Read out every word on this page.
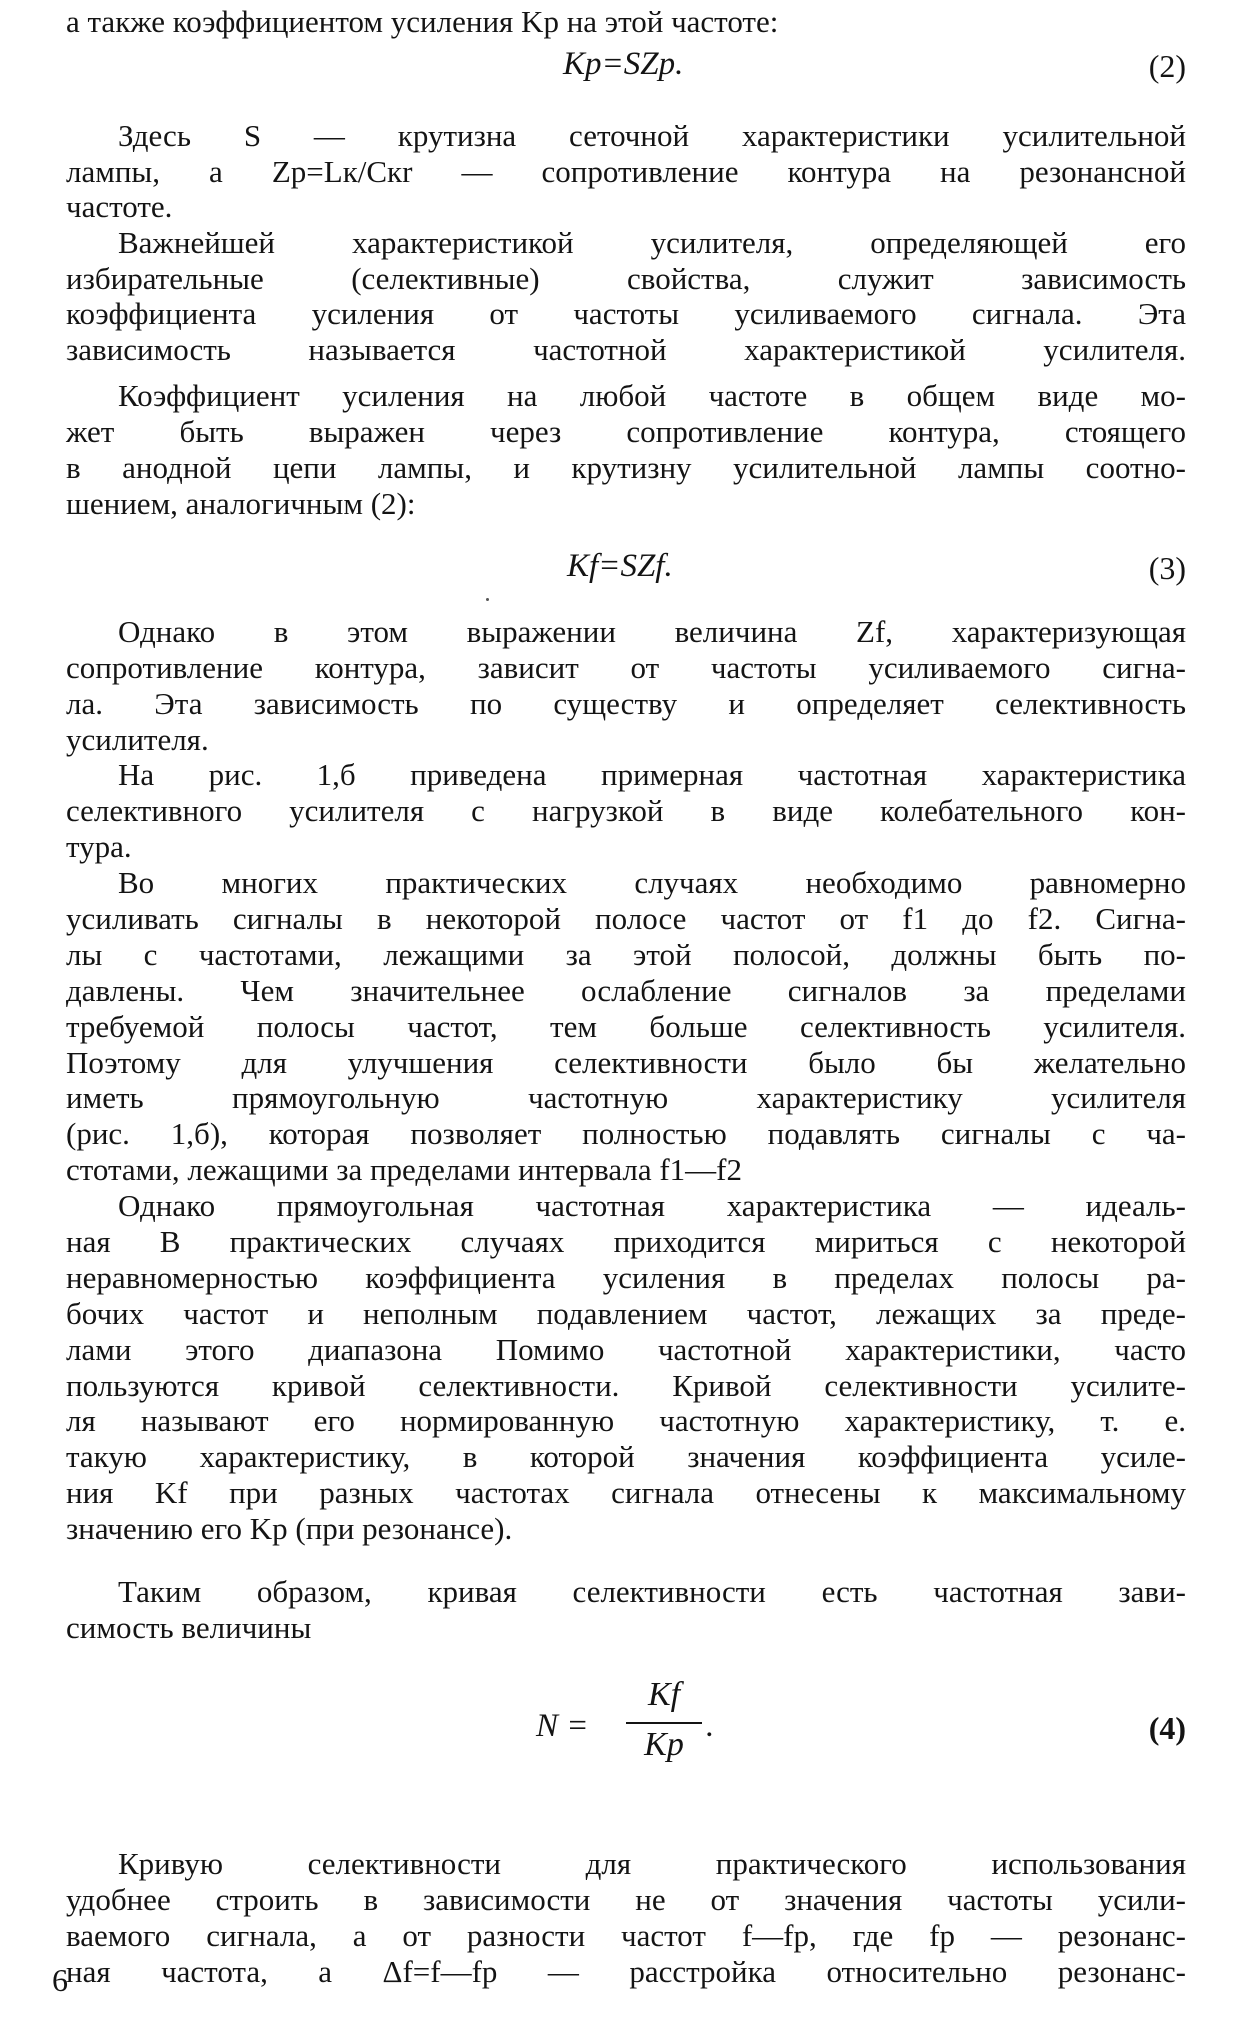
а также коэффициентом усиления Kр на этой частоте:
Kр=SZр.	(2)
Здесь S — крутизна сеточной характеристики усилительной
лампы, а Zр=Lк/Cкr — сопротивление контура на резонансной
частоте.
Важнейшей характеристикой усилителя, определяющей его
избирательные (селективные) свойства, служит зависимость
коэффициента усиления от частоты усиливаемого сигнала. Эта
зависимость называется частотной характеристикой усилителя.
Коэффициент усиления на любой частоте в общем виде мо-
жет быть выражен через сопротивление контура, стоящего
в анодной цепи лампы, и крутизну усилительной лампы соотно-
шением, аналогичным (2):
Kf=SZf.	(3)
Однако в этом выражении величина Zf, характеризующая
сопротивление контура, зависит от частоты усиливаемого сигна-
ла. Эта зависимость по существу и определяет селективность
усилителя.
На рис. 1,б приведена примерная частотная характеристика
селективного усилителя с нагрузкой в виде колебательного кон-
тура.
Во многих практических случаях необходимо равномерно
усиливать сигналы в некоторой полосе частот от f1 до f2. Сигна-
лы с частотами, лежащими за этой полосой, должны быть по-
давлены. Чем значительнее ослабление сигналов за пределами
требуемой полосы частот, тем больше селективность усилителя.
Поэтому для улучшения селективности было бы желательно
иметь прямоугольную частотную характеристику усилителя
(рис. 1,б), которая позволяет полностью подавлять сигналы с ча-
стотами, лежащими за пределами интервала f1—f2
Однако прямоугольная частотная характеристика — идеаль-
ная В практических случаях приходится мириться с некоторой
неравномерностью коэффициента усиления в пределах полосы ра-
бочих частот и неполным подавлением частот, лежащих за преде-
лами этого диапазона Помимо частотной характеристики, часто
пользуются кривой селективности. Кривой селективности усилите-
ля называют его нормированную частотную характеристику, т. е.
такую характеристику, в которой значения коэффициента усиле-
ния Kf при разных частотах сигнала отнесены к максимальному
значению его Kр (при резонансе).
Таким образом, кривая селективности есть частотная зави-
симость величины
N =
Kf
Kр .	(4)
Кривую селективности для практического использования
удобнее строить в зависимости не от значения частоты усили-
ваемого сигнала, а от разности частот f—fр, где fр — резонанс-
ная частота, а Δf=f—fр — расстройка относительно резонанс-
6
